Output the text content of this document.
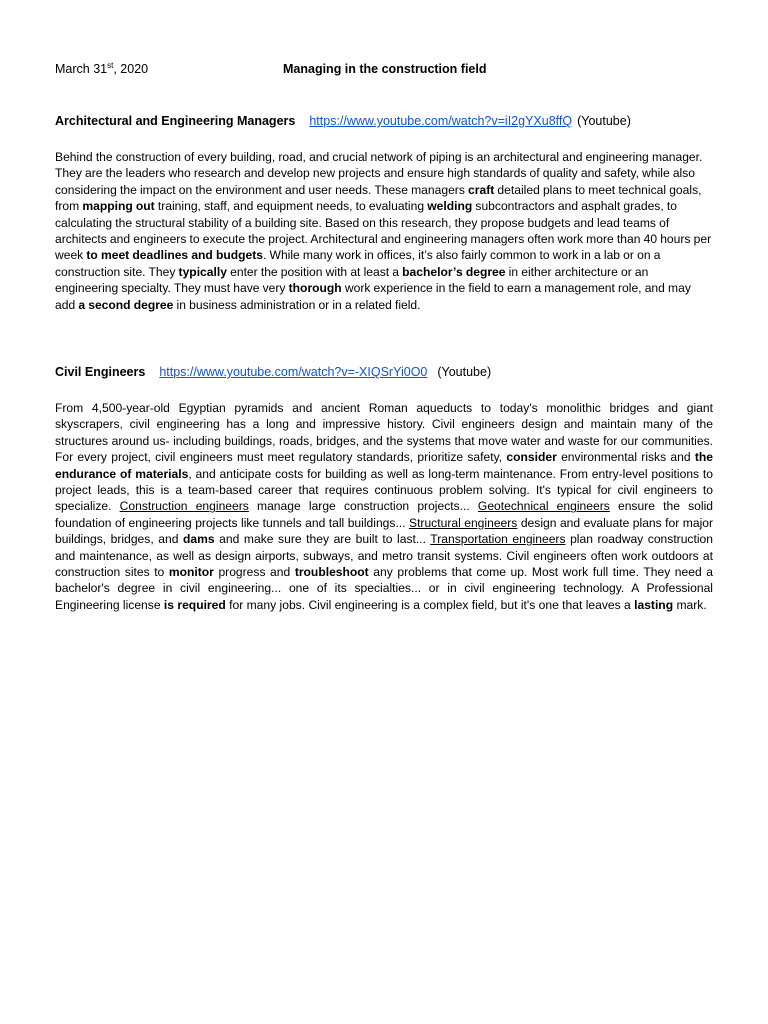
March 31st, 2020	Managing in the construction field
Architectural and Engineering Managers https://www.youtube.com/watch?v=iI2gYXu8ffQ (Youtube)

Behind the construction of every building, road, and crucial network of piping is an architectural and engineering manager. They are the leaders who research and develop new projects and ensure high standards of quality and safety, while also considering the impact on the environment and user needs. These managers craft detailed plans to meet technical goals, from mapping out training, staff, and equipment needs, to evaluating welding subcontractors and asphalt grades, to calculating the structural stability of a building site. Based on this research, they propose budgets and lead teams of architects and engineers to execute the project. Architectural and engineering managers often work more than 40 hours per week to meet deadlines and budgets. While many work in offices, it’s also fairly common to work in a lab or on a construction site. They typically enter the position with at least a bachelor’s degree in either architecture or an engineering specialty. They must have very thorough work experience in the field to earn a management role, and may add a second degree in business administration or in a related field.

Civil Engineers https://www.youtube.com/watch?v=-XIQSrYi0O0 (Youtube)

From 4,500-year-old Egyptian pyramids and ancient Roman aqueducts to today's monolithic bridges and giant skyscrapers, civil engineering has a long and impressive history. Civil engineers design and maintain many of the structures around us- including buildings, roads, bridges, and the systems that move water and waste for our communities. For every project, civil engineers must meet regulatory standards, prioritize safety, consider environmental risks and the endurance of materials, and anticipate costs for building as well as long-term maintenance. From entry-level positions to project leads, this is a team-based career that requires continuous problem solving. It's typical for civil engineers to specialize. Construction engineers manage large construction projects... Geotechnical engineers ensure the solid foundation of engineering projects like tunnels and tall buildings... Structural engineers design and evaluate plans for major buildings, bridges, and dams and make sure they are built to last... Transportation engineers plan roadway construction and maintenance, as well as design airports, subways, and metro transit systems. Civil engineers often work outdoors at construction sites to monitor progress and troubleshoot any problems that come up. Most work full time. They need a bachelor's degree in civil engineering... one of its specialties... or in civil engineering technology. A Professional Engineering license is required for many jobs. Civil engineering is a complex field, but it's one that leaves a lasting mark.
